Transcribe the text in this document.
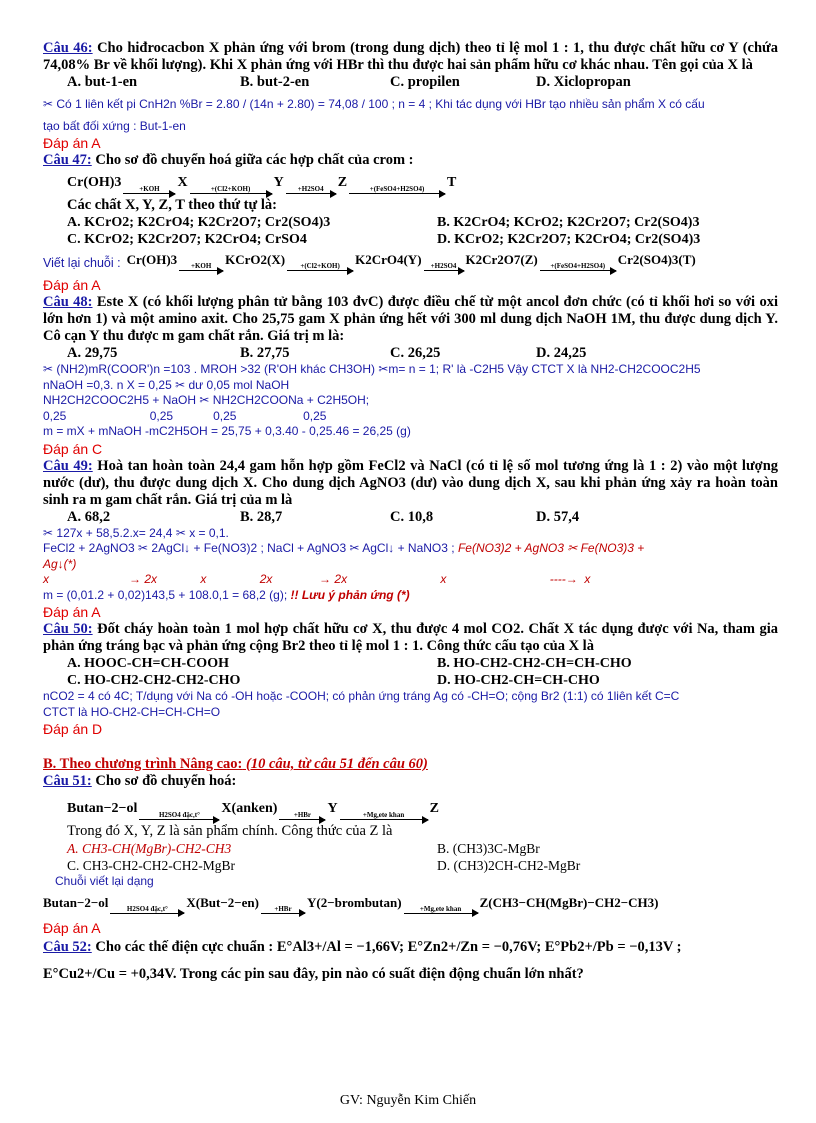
Câu 46: Cho hiđrocacbon X phản ứng với brom (trong dung dịch) theo tỉ lệ mol 1 : 1, thu được chất hữu cơ Y (chứa 74,08% Br về khối lượng). Khi X phản ứng với HBr thì thu được hai sản phẩm hữu cơ khác nhau. Tên gọi của X là
A. but-1-en	B. but-2-en	C. propilen	D. Xiclopropan
✂ Có 1 liên kết pi CnH2n %Br = 2.80 / (14n + 2.80) = 74,08 / 100 ; n = 4 ; Khi tác dụng với HBr tạo nhiều sản phẩm X có cấu
tạo bất đối xứng : But-1-en
Đáp án A
Câu 47: Cho sơ đồ chuyển hoá giữa các hợp chất của crom :
Cr(OH)3	+KOH X	+(Cl2+KOH) Y +H2SO4 Z	+(FeSO4+H2SO4) T
Các chất X, Y, Z, T theo thứ tự là:
A. KCrO2; K2CrO4; K2Cr2O7; Cr2(SO4)3	B. K2CrO4; KCrO2; K2Cr2O7; Cr2(SO4)3
C. KCrO2; K2Cr2O7; K2CrO4; CrSO4	D. KCrO2; K2Cr2O7; K2CrO4; Cr2(SO4)3
Viết lại chuỗi : Cr(OH)3 +KOH KCrO2(X) +(Cl2+KOH) K2CrO4(Y) +H2SO4 K2Cr2O7(Z) +(FeSO4+H2SO4) Cr2(SO4)3(T)
Đáp án A
Câu 48: Este X (có khối lượng phân tử bằng 103 đvC) được điều chế từ một ancol đơn chức (có tỉ khối hơi so với oxi lớn hơn 1) và một amino axit. Cho 25,75 gam X phản ứng hết với 300 ml dung dịch NaOH 1M, thu được dung dịch Y. Cô cạn Y thu được m gam chất rắn. Giá trị m là:
A. 29,75	B. 27,75	C. 26,25	D. 24,25
✂ (NH2)mR(COOR')n =103 . MROH >32 (R'OH khác CH3OH) ✂m= n = 1; R' là -C2H5 Vậy CTCT X là NH2-CH2COOC2H5
nNaOH =0,3. n X = 0,25 ✂ dư 0,05 mol NaOH
NH2CH2COOC2H5 + NaOH ✂ NH2CH2COONa + C2H5OH;
0,25                         0,25            0,25                    0,25
m = mX + mNaOH -mC2H5OH = 25,75 + 0,3.40 - 0,25.46 = 26,25 (g)
Đáp án C
Câu 49: Hoà tan hoàn toàn 24,4 gam hỗn hợp gồm FeCl2 và NaCl (có tỉ lệ số mol tương ứng là 1 : 2) vào một lượng nước (dư), thu được dung dịch X. Cho dung dịch AgNO3 (dư) vào dung dịch X, sau khi phản ứng xảy ra hoàn toàn sinh ra m gam chất rắn. Giá trị của m là
A. 68,2	B. 28,7	C. 10,8	D. 57,4
✂ 127x + 58,5.2.x= 24,4 ✂ x = 0,1.
FeCl2 + 2AgNO3 ✂ 2AgCl↓ + Fe(NO3)2 ; NaCl + AgNO3 ✂ AgCl↓ + NaNO3 ; Fe(NO3)2 + AgNO3 ✂ Fe(NO3)3 +
Ag↓(*)
x                        → 2x             x                2x              → 2x                            x                               ----→  x
m = (0,01.2 + 0,02)143,5 + 108.0,1 = 68,2 (g); !! Lưu ý phản ứng (*)
Đáp án A
Câu 50: Đốt cháy hoàn toàn 1 mol hợp chất hữu cơ X, thu được 4 mol CO2. Chất X tác dụng được với Na, tham gia phản ứng tráng bạc và phản ứng cộng Br2 theo tỉ lệ mol 1 : 1. Công thức cấu tạo của X là
A. HOOC-CH=CH-COOH	B. HO-CH2-CH2-CH=CH-CHO
C. HO-CH2-CH2-CH2-CHO	D. HO-CH2-CH=CH-CHO
nCO2 = 4 có 4C; T/dụng với Na có -OH hoặc -COOH; có phản ứng tráng Ag có -CH=O; cộng Br2 (1:1) có 1liên kết C=C
CTCT là HO-CH2-CH=CH-CH=O
Đáp án D
B. Theo chương trình Nâng cao: (10 câu, từ câu 51 đến câu 60)
Câu 51: Cho sơ đồ chuyển hoá:
Butan−2−ol	H2SO4 đặc,t° X(anken) +HBr Y	+Mg,ete khan Z
Trong đó X, Y, Z là sản phẩm chính. Công thức của Z là
A. CH3-CH(MgBr)-CH2-CH3	B. (CH3)3C-MgBr
C. CH3-CH2-CH2-CH2-MgBr	D. (CH3)2CH-CH2-MgBr
Chuỗi viết lại dạng
Butan−2−ol	H2SO4 đặc,t° X(But−2−en) +HBr Y(2−brombutan)	+Mg,ete khan Z(CH3−CH(MgBr)−CH2−CH3)
Đáp án A
Câu 52: Cho các thế điện cực chuẩn : E°Al3+/Al = −1,66V; E°Zn2+/Zn = −0,76V; E°Pb2+/Pb = −0,13V ;
E°Cu2+/Cu = +0,34V. Trong các pin sau đây, pin nào có suất điện động chuẩn lớn nhất?
GV: Nguyễn Kim Chiến
